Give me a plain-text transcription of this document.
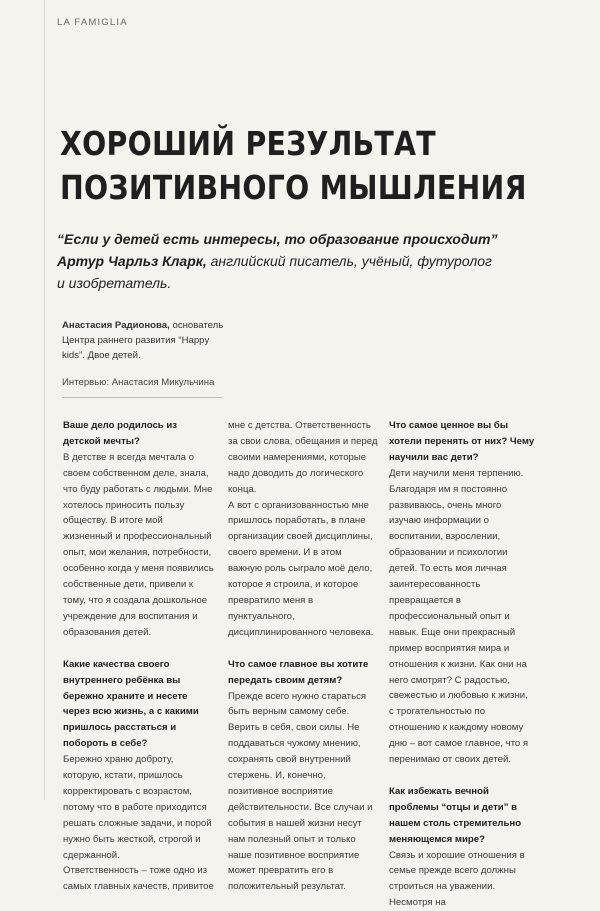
LA FAMIGLIA
ХОРОШИЙ РЕЗУЛЬТАТ
ПОЗИТИВНОГО МЫШЛЕНИЯ
“Если у детей есть интересы, то образование происходит”
Артур Чарльз Кларк, английский писатель, учёный, футуролог
и изобретатель.
Анастасия Радионова, основатель
Центра раннего развития “Happy
kids”. Двое детей.
Интервью: Анастасия Микульчина

Ваше дело родилось из детской мечты?

В детстве я всегда мечтала о своем собственном деле, знала, что буду работать с людьми. Мне хотелось приносить пользу обществу. В итоге мой жизненный и профессиональный опыт, мои желания, потребности, особенно когда у меня появились собственные дети, привели к тому, что я создала дошкольное учреждение для воспитания и образования детей.

Какие качества своего внутреннего ребёнка вы бережно храните и несете через всю жизнь, а с какими пришлось расстаться и побороть в себе?

Бережно храню доброту, которую, кстати, пришлось корректировать с возрастом, потому что в работе приходится решать сложные задачи, и порой нужно быть жесткой, строгой и сдержанной.

Ответственность – тоже одно из самых главных качеств, привитое

мне с детства. Ответственность за свои слова, обещания и перед своими намерениями, которые надо доводить до логического конца.

А вот с организованностью мне пришлось поработать, в плане организации своей дисциплины, своего времени. И в этом важную роль сыграло моё дело, которое я строила, и которое превратило меня в пунктуального, дисциплинированного человека.

Что самое главное вы хотите передать своим детям?

Прежде всего нужно стараться быть верным самому себе. Верить в себя, свои силы. Не поддаваться чужому мнению, сохранять свой внутренний стержень. И, конечно, позитивное восприятие действительности. Все случаи и события в нашей жизни несут нам полезный опыт и только наше позитивное восприятие может превратить его в положительный результат.

Что самое ценное вы бы хотели перенять от них? Чему научили вас дети?

Дети научили меня терпению. Благодаря им я постоянно развиваюсь, очень много изучаю информации о воспитании, взрослении, образовании и психологии детей. То есть моя личная заинтересованность превращается в профессиональный опыт и навык. Еще они прекрасный пример восприятия мира и отношения к жизни. Как они на него смотрят? С радостью, свежестью и любовью к жизни, с трогательностью по отношению к каждому новому дню – вот самое главное, что я перенимаю от своих детей.

Как избежать вечной проблемы “отцы и дети” в нашем столь стремительно меняющемся мире?

Связь и хорошие отношения в семье прежде всего должны строиться на уважении. Несмотря на
